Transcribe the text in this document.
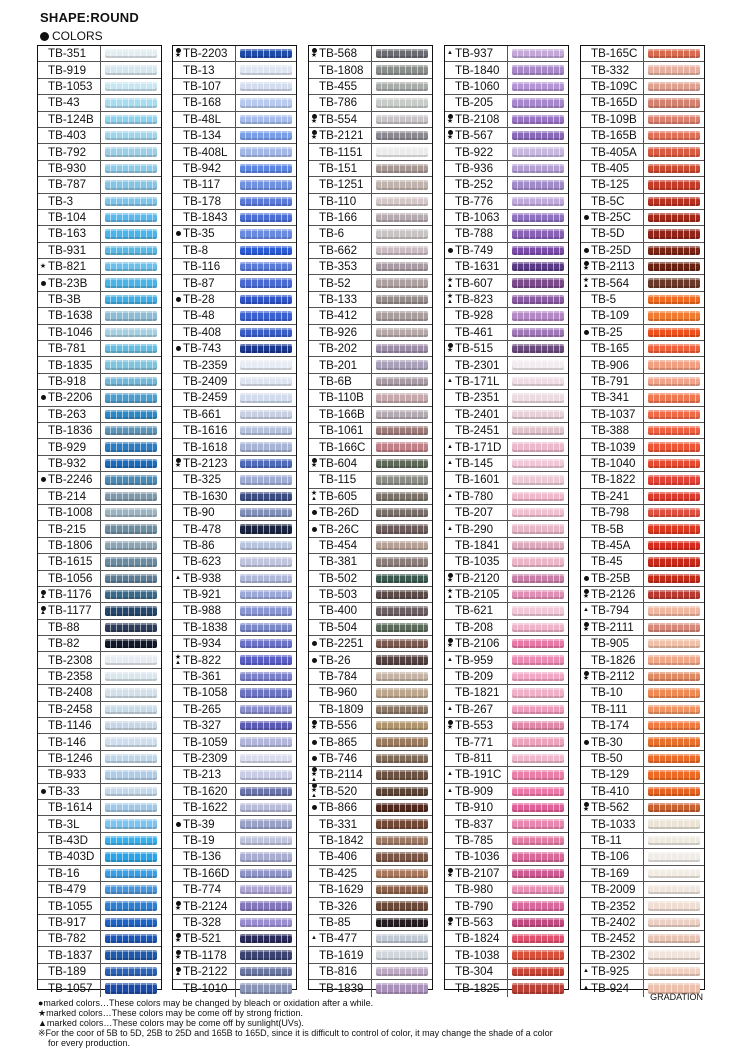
SHAPE:ROUND
COLORS
TB-351
TB-919
TB-1053
TB-43
TB-124B
TB-403
TB-792
TB-930
TB-787
TB-3
TB-104
TB-163
TB-931
★ TB-821
TB-23B
TB-3B
TB-1638
TB-1046
TB-781
TB-1835
TB-918
TB-2206
TB-263
TB-1836
TB-929
TB-932
TB-2246
TB-214
TB-1008
TB-215
TB-1806
TB-1615
TB-1056
▲ TB-1176
▲ TB-1177
TB-88
TB-82
TB-2308
TB-2358
TB-2408
TB-2458
TB-1146
TB-146
TB-1246
TB-933
TB-33
TB-1614
TB-3L
TB-43D
TB-403D
TB-16
TB-479
TB-1055
TB-917
TB-782
TB-1837
TB-189
TB-1057
★ TB-2203
TB-13
TB-107
TB-168
TB-48L
TB-134
TB-408L
TB-942
TB-117
TB-178
TB-1843
TB-35
TB-8
TB-116
TB-87
TB-28
TB-48
TB-408
TB-743
TB-2359
TB-2409
TB-2459
TB-661
TB-1616
TB-1618
★ TB-2123
TB-325
TB-1630
TB-90
TB-478
TB-86
TB-623
▲ TB-938
TB-921
TB-988
TB-1838
TB-934
★
▲ TB-822
TB-361
TB-1058
TB-265
TB-327
TB-1059
TB-2309
TB-213
TB-1620
TB-1622
TB-39
TB-19
TB-136
TB-166D
TB-774
★ TB-2124
TB-328
★ TB-521
★ TB-1178
▲ TB-2122
TB-1010
★ TB-568
TB-1808
TB-455
TB-786
★ TB-554
★ TB-2121
TB-1151
TB-151
TB-1251
TB-110
TB-166
TB-6
TB-662
TB-353
TB-52
TB-133
TB-412
TB-926
TB-202
TB-201
TB-6B
TB-110B
TB-166B
TB-1061
TB-166C
★ TB-604
TB-115
★
▲ TB-605
TB-26D
TB-26C
TB-454
TB-381
TB-502
TB-503
TB-400
TB-504
TB-2251
TB-26
TB-784
TB-960
TB-1809
★ TB-556
TB-865
TB-746
★
▲ TB-2114
★
▲ TB-520
TB-866
TB-331
TB-1842
TB-406
TB-425
TB-1629
TB-326
TB-85
▲ TB-477
TB-1619
TB-816
TB-1839
▲ TB-937
TB-1840
TB-1060
TB-205
★ TB-2108
★ TB-567
TB-922
TB-936
TB-252
TB-776
TB-1063
TB-788
TB-749
TB-1631
★
▲ TB-607
★
▲ TB-823
TB-928
TB-461
★ TB-515
TB-2301
▲ TB-171L
TB-2351
TB-2401
TB-2451
▲ TB-171D
▲ TB-145
TB-1601
▲ TB-780
TB-207
▲ TB-290
TB-1841
TB-1035
★ TB-2120
★
▲ TB-2105
TB-621
TB-208
★ TB-2106
▲ TB-959
TB-209
TB-1821
▲ TB-267
★ TB-553
TB-771
TB-811
▲ TB-191C
▲ TB-909
TB-910
TB-837
TB-785
TB-1036
★ TB-2107
TB-980
TB-790
★ TB-563
TB-1824
TB-1038
TB-304
TB-1825
TB-165C
TB-332
TB-109C
TB-165D
TB-109B
TB-165B
TB-405A
TB-405
TB-125
TB-5C
TB-25C
TB-5D
TB-25D
★ TB-2113
★
▲ TB-564
TB-5
TB-109
TB-25
TB-165
TB-906
TB-791
TB-341
TB-1037
TB-388
TB-1039
TB-1040
TB-1822
TB-241
TB-798
TB-5B
TB-45A
TB-45
TB-25B
★ TB-2126
▲ TB-794
★ TB-2111
TB-905
TB-1826
★ TB-2112
TB-10
TB-111
TB-174
TB-30
TB-50
TB-129
TB-410
★ TB-562
TB-1033
TB-11
TB-106
TB-169
TB-2009
TB-2352
TB-2402
TB-2452
TB-2302
▲ TB-925
▲ TB-924
GRADATION
●marked colors…These colors may be changed by bleach or oxidation after a while.
★marked colors…These colors may be come off by strong friction.
▲marked colors…These colors may be come off by sunlight(UVs).
※For the coor of 5B to 5D, 25B to 25D and 165B to 165D, since it is difficult to control of color, it may change the shade of a color
for every production.
